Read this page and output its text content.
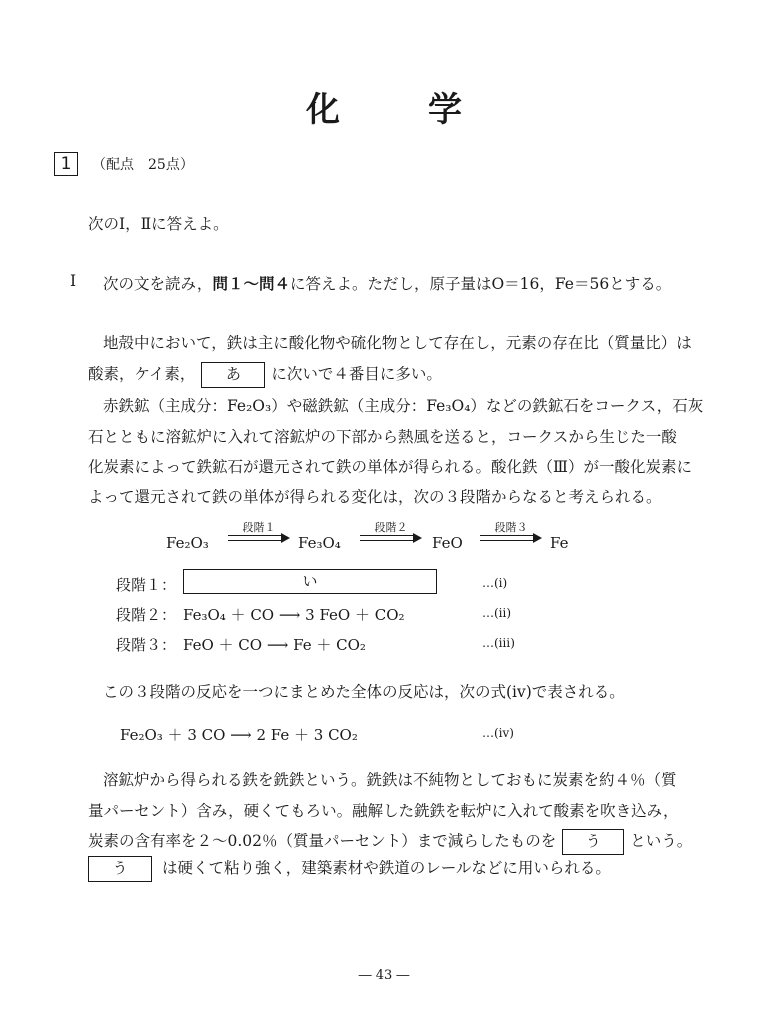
化	学
1	（配点　25点）
次のⅠ，Ⅱに答えよ。
Ⅰ 次の文を読み，問１～問４に答えよ。ただし，原子量はO＝16，Fe＝56とする。
地殻中において，鉄は主に酸化物や硫化物として存在し，元素の存在比（質量比）は
酸素，ケイ素， あ に次いで４番目に多い。
赤鉄鉱（主成分：Fe₂O₃）や磁鉄鉱（主成分：Fe₃O₄）などの鉄鉱石をコークス，石灰
石とともに溶鉱炉に入れて溶鉱炉の下部から熱風を送ると，コークスから生じた一酸
化炭素によって鉄鉱石が還元されて鉄の単体が得られる。酸化鉄（Ⅲ）が一酸化炭素に
よって還元されて鉄の単体が得られる変化は，次の３段階からなると考えられる。
Fe₂O₃
段階１
Fe₃O₄
段階２
FeO
段階３
Fe
段階１：	い	…(ⅰ)
段階２： Fe₃O₄ ＋ CO ⟶ 3 FeO ＋ CO₂	…(ⅱ)
段階３： FeO ＋ CO ⟶ Fe ＋ CO₂	…(ⅲ)
この３段階の反応を一つにまとめた全体の反応は，次の式(ⅳ)で表される。
Fe₂O₃ ＋ 3 CO ⟶ 2 Fe ＋ 3 CO₂	…(ⅳ)
溶鉱炉から得られる鉄を銑鉄という。銑鉄は不純物としておもに炭素を約４％（質
量パーセント）含み，硬くてもろい。融解した銑鉄を転炉に入れて酸素を吹き込み，
炭素の含有率を２～0.02％（質量パーセント）まで減らしたものを う という。
う は硬くて粘り強く，建築素材や鉄道のレールなどに用いられる。
― 43 ―
